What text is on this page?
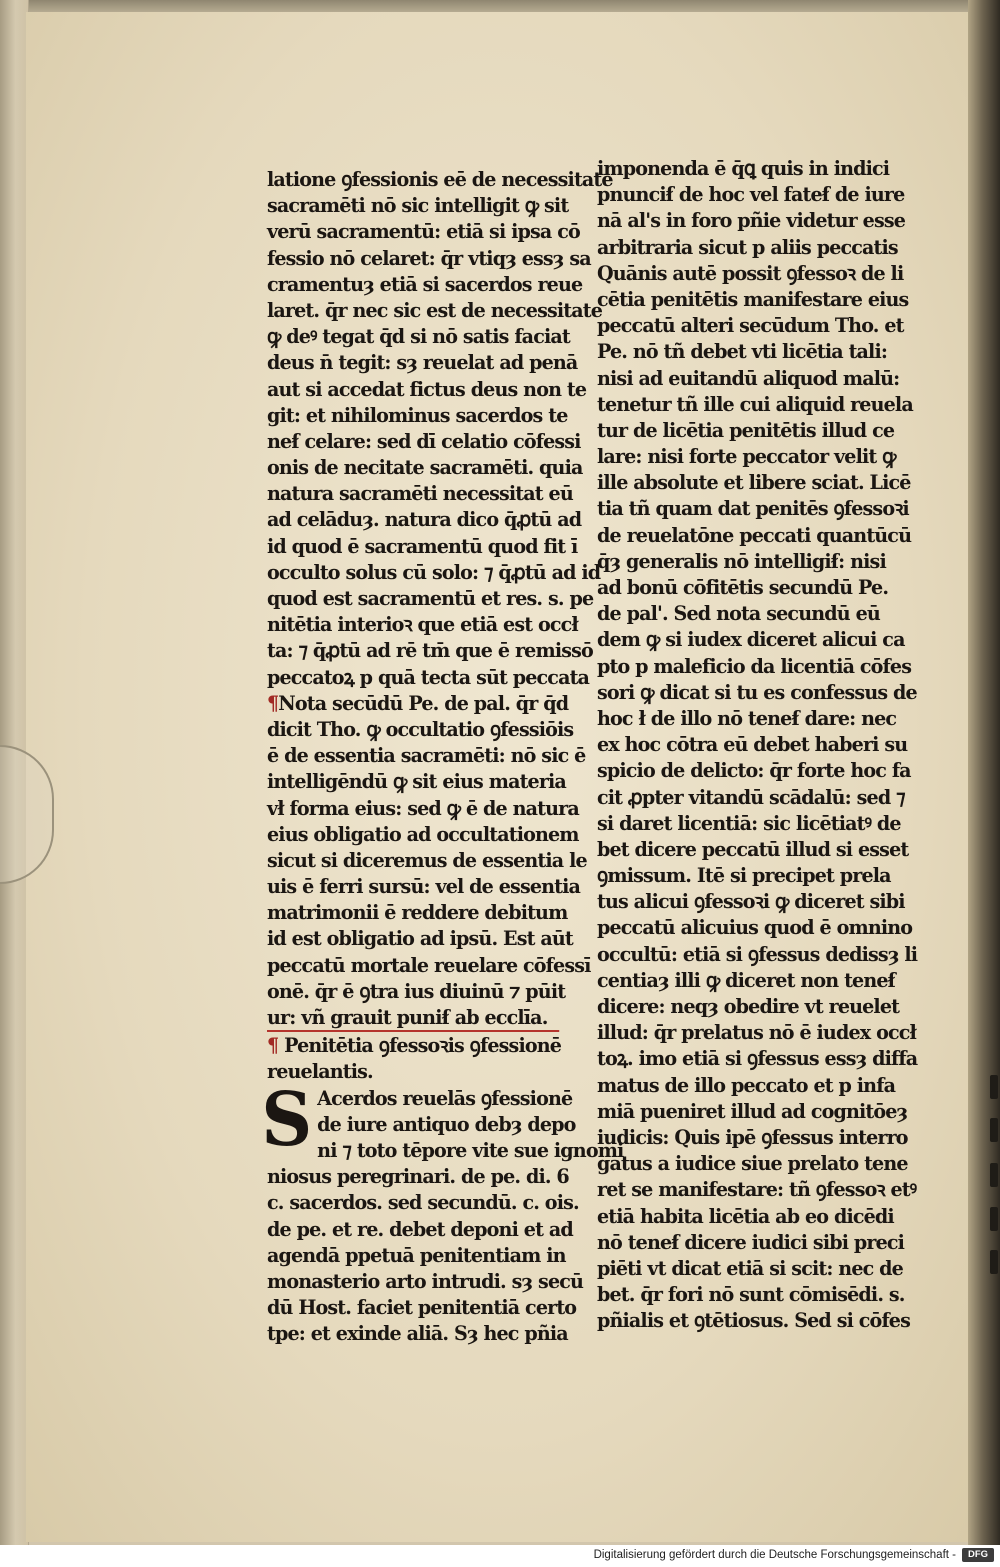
latione ꝯfessionis eē de necessitate
sacramēti nō sic intelligit ꝙ sit
verū sacramentū: etiā si ipsa cō
fessio nō celaret: q̄r vtiqȝ essȝ sa
cramentuȝ etiā si sacerdos reue
laret. q̄r nec sic est de necessitate
ꝙ deꝰ tegat q̄d si nō satis faciat
deus n̄ tegit: sȝ reuelat ad penā
aut si accedat fictus deus non te
git: et nihilominus sacerdos te
neẜ celare: sed dī celatio cōfessi
onis de necitate sacramēti. quia
natura sacramēti necessitat eū
ad celāduȝ. natura dico q̄ꝓtū ad
id quod ē sacramentū quod fit ī
occulto solus cū solo: ⁊ q̄ꝓtū ad id
quod est sacramentū et res. s. pe
nitētia interioꝛ que etiā est occł
ta: ⁊ q̄ꝓtū ad rē tm̄ que ē remissō
peccatoꝝ p quā tecta sūt peccata
¶Nota secūdū Pe. de pal. q̄r q̄d
dicit Tho. ꝙ occultatio ꝯfessiōis
ē de essentia sacramēti: nō sic ē
intelligēndū ꝙ sit eius materia
vł forma eius: sed ꝙ ē de natura
eius obligatio ad occultationem
sicut si diceremus de essentia le
uis ē ferri sursū: vel de essentia
matrimonii ē reddere debitum
id est obligatio ad ipsū. Est aūt
peccatū mortale reuelare cōfessī
onē. q̄r ē ꝯtra ius diuinū ⁊ pūit
ur: vñ grauit puniẜ ab ecclīa.
¶ Penitētia ꝯfessoꝛis ꝯfessionē
reuelantis.
S Acerdos reuelās ꝯfessionē
de iure antiquo debȝ depo
ni ⁊ toto tēpore vite sue ignomi
niosus peregrinari. de pe. di. 6
c. sacerdos. sed secundū. c. ois.
de pe. et re. debet deponi et ad
agendā ppetuā penitentiam in
monasterio arto intrudi. sȝ secū
dū Host. faciet penitentiā certo
tpe: et exinde aliā. Sȝ hec pñia
imponenda ē q̄ꝗ quis in indici
pnunciẜ de hoc vel fateẜ de iure
nā al's in foro pñie videtur esse
arbitraria sicut p aliis peccatis
Quānis autē possit ꝯfessoꝛ de li
cētia penitētis manifestare eius
peccatū alteri secūdum Tho. et
Pe. nō tñ debet vti licētia tali:
nisi ad euitandū aliquod malū:
tenetur tñ ille cui aliquid reuela
tur de licētia penitētis illud ce
lare: nisi forte peccator velit ꝙ
ille absolute et libere sciat. Licē
tia tñ quam dat penitēs ꝯfessoꝛi
de reuelatōne peccati quantūcū
q̄ȝ generalis nō intelligiẜ: nisi
ad bonū cōfitētis secundū Pe.
de pal'. Sed nota secundū eū
dem ꝙ si iudex diceret alicui ca
pto p maleficio da licentiā cōfes
sori ꝙ dicat si tu es confessus de
hoc ł de illo nō teneẜ dare: nec
ex hoc cōtra eū debet haberi su
spicio de delicto: q̄r forte hoc fa
cit ꝓpter vitandū scādalū: sed ⁊
si daret licentiā: sic licētiatꝰ de
bet dicere peccatū illud si esset
ꝯmissum. Itē si precipet prela
tus alicui ꝯfessoꝛi ꝙ diceret sibi
peccatū alicuius quod ē omnino
occultū: etiā si ꝯfessus dedissȝ li
centiaȝ illi ꝙ diceret non teneẜ
dicere: neqȝ obedire vt reuelet
illud: q̄r prelatus nō ē iudex occł
toꝝ. imo etiā si ꝯfessus essȝ diffa
matus de illo peccato et p infa
miā pueniret illud ad cognitōeȝ
iudicis: Quis ipē ꝯfessus interro
gatus a iudice siue prelato tene
ret se manifestare: tñ ꝯfessoꝛ etꝰ
etiā habita licētia ab eo dicēdi
nō teneẜ dicere iudici sibi preci
piēti vt dicat etiā si scit: nec de
bet. q̄r fori nō sunt cōmisēdi. s.
pñialis et ꝯtētiosus. Sed si cōfes
Digitalisierung gefördert durch die Deutsche Forschungsgemeinschaft -	DFG
